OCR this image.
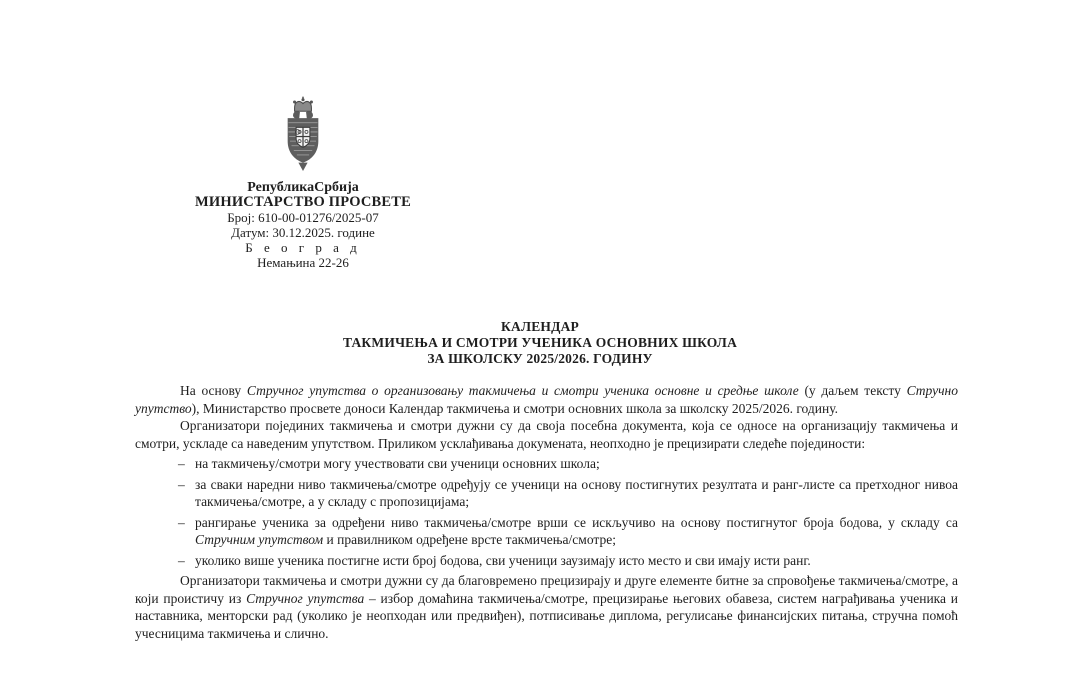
РепубликаСрбија
МИНИСТАРСТВО ПРОСВЕТЕ
Број: 610-00-01276/2025-07
Датум: 30.12.2025. године
Б е о г р а д
Немањина 22-26
КАЛЕНДАР
ТАКМИЧЕЊА И СМОТРИ УЧЕНИКА ОСНОВНИХ ШКОЛА
ЗА ШКОЛСКУ 2025/2026. ГОДИНУ

На основу Стручног упутства о организовању такмичења и смотри ученика основне и средње школе (у даљем тексту Стручно упутство), Министарство просвете доноси Календар такмичења и смотри основних школа за школску 2025/2026. годину.

Организатори појединих такмичења и смотри дужни су да своја посебна документа, која се односе на организацију такмичења и смотри, ускладе са наведеним упутством. Приликом усклађивања докумената, неопходно је прецизирати следеће појединости:

– на такмичењу/смотри могу учествовати сви ученици основних школа;
– за сваки наредни ниво такмичења/смотре одређују се ученици на основу постигнутих резултата и ранг-листе са претходног нивоа такмичења/смотре, а у складу с пропозицијама;
– рангирање ученика за одређени ниво такмичења/смотре врши се искључиво на основу постигнутог броја бодова, у складу са Стручним упутством и правилником одређене врсте такмичења/смотре;
– уколико више ученика постигне исти број бодова, сви ученици заузимају исто место и сви имају исти ранг.

Организатори такмичења и смотри дужни су да благовремено прецизирају и друге елементе битне за спровођење такмичења/смотре, а који проистичу из Стручног упутства – избор домаћина такмичења/смотре, прецизирање његових обавеза, систем награђивања ученика и наставника, менторски рад (уколико је неопходан или предвиђен), потписивање диплома, регулисање финансијских питања, стручна помоћ учесницима такмичења и слично.
